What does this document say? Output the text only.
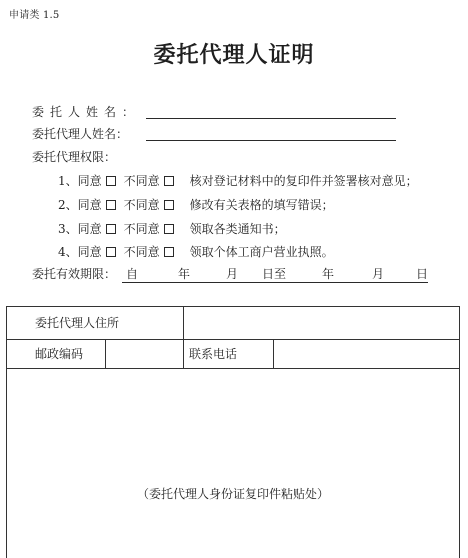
申请类 1.5
委托代理人证明
委托人姓名：
委托代理人姓名：
委托代理权限：
1、同意 不同意	核对登记材料中的复印件并签署核对意见；
2、同意 不同意	修改有关表格的填写错误；
3、同意 不同意	领取各类通知书；
4、同意 不同意	领取个体工商户营业执照。
委托有效期限： 自	年	月 日至	年	月	日
委托代理人住所
邮政编码	联系电话
（委托代理人身份证复印件粘贴处）
